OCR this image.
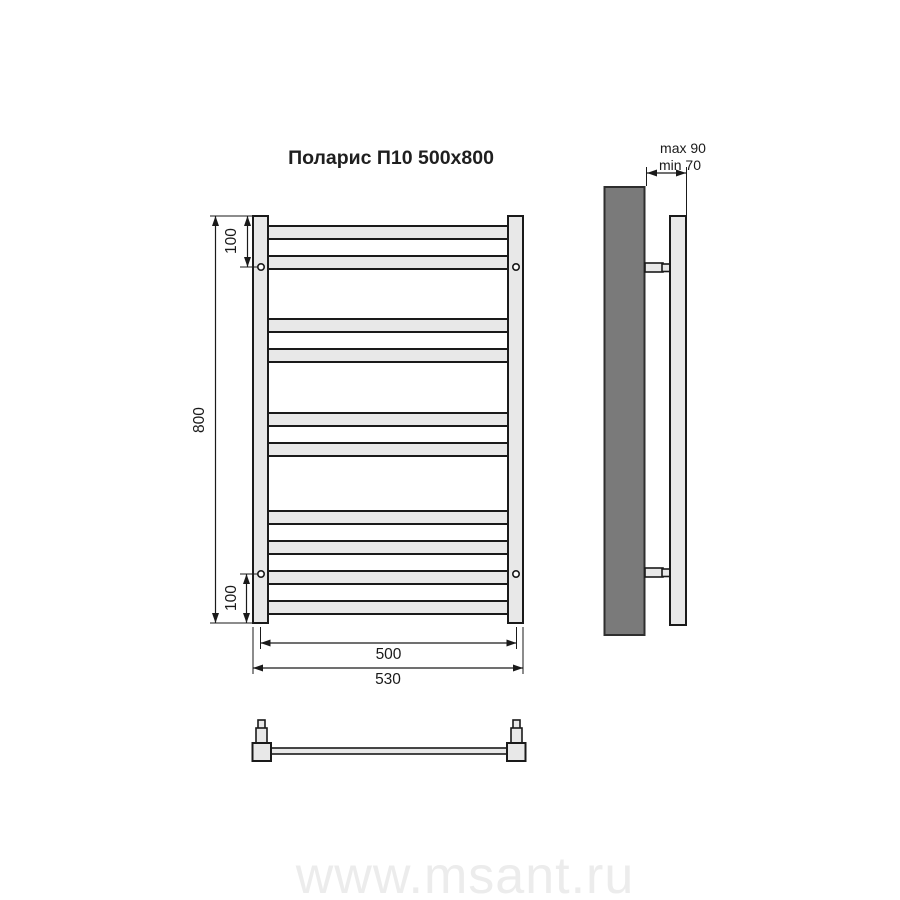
Поларис П10 500x800
800
100
100
500
530
max 90
min 70
www.msant.ru
